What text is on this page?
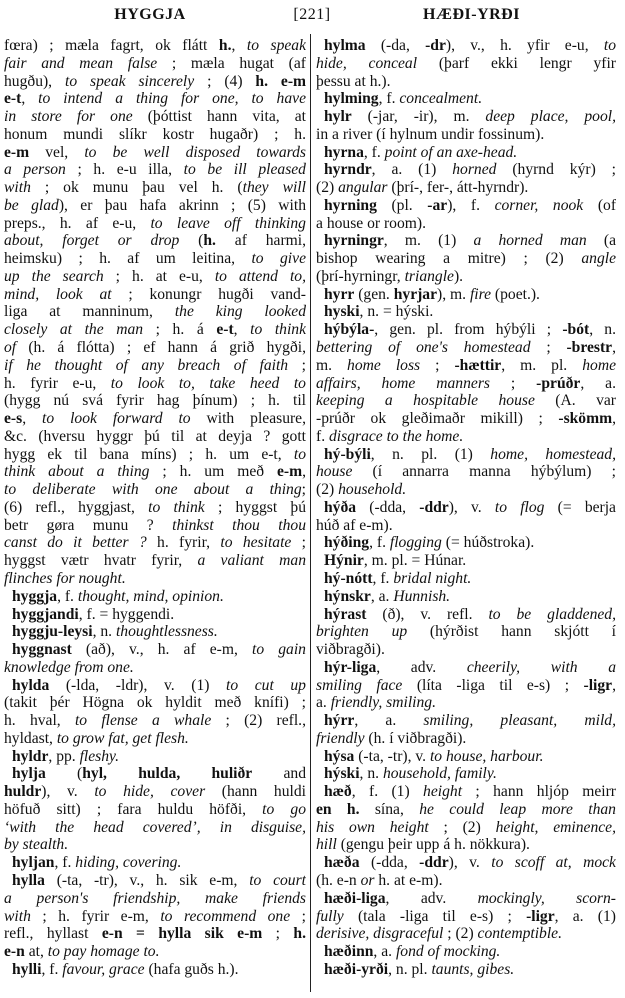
HYGGJA	[221]	HÆÐI-YRÐI
fœra) ; mæla fagrt, ok flátt h., to speak
fair and mean false ; mæla hugat (af
hugðu), to speak sincerely ; (4) h. e-m
e-t, to intend a thing for one, to have
in store for one (þóttist hann vita, at
honum mundi slíkr kostr hugaðr) ; h.
e-m vel, to be well disposed towards
a person ; h. e-u illa, to be ill pleased
with ; ok munu þau vel h. (they will
be glad), er þau hafa akrinn ; (5) with
preps., h. af e-u, to leave off thinking
about, forget or drop (h. af harmi,
heimsku) ; h. af um leitina, to give
up the search ; h. at e-u, to attend to,
mind, look at ; konungr hugði vand-
liga at manninum, the king looked
closely at the man ; h. á e-t, to think
of (h. á flótta) ; ef hann á grið hygði,
if he thought of any breach of faith ;
h. fyrir e-u, to look to, take heed to
(hygg nú svá fyrir hag þínum) ; h. til
e-s, to look forward to with pleasure,
&c. (hversu hyggr þú til at deyja ? gott
hygg ek til bana míns) ; h. um e-t, to
think about a thing ; h. um með e-m,
to deliberate with one about a thing;
(6) refl., hyggjast, to think ; hyggst þú
betr gøra munu ? thinkst thou thou
canst do it better ? h. fyrir, to hesitate ;
hyggst vætr hvatr fyrir, a valiant man
flinches for nought.
hyggja, f. thought, mind, opinion.
hyggjandi, f. = hyggendi.
hyggju-leysi, n. thoughtlessness.
hyggnast (að), v., h. af e-m, to gain
knowledge from one.
hylda (-lda, -ldr), v. (1) to cut up
(takit þér Högna ok hyldit með knífi) ;
h. hval, to flense a whale ; (2) refl.,
hyldast, to grow fat, get flesh.
hyldr, pp. fleshy.
hylja (hyl, hulda, huliðr and
huldr), v. to hide, cover (hann huldi
höfuð sitt) ; fara huldu höfði, to go
‘with the head covered’, in disguise,
by stealth.
hyljan, f. hiding, covering.
hylla (-ta, -tr), v., h. sik e-m, to court
a person's friendship, make friends
with ; h. fyrir e-m, to recommend one ;
refl., hyllast e-n = hylla sik e-m ; h.
e-n at, to pay homage to.
hylli, f. favour, grace (hafa guðs h.).
hylma (-da, -dr), v., h. yfir e-u, to
hide, conceal (þarf ekki lengr yfir
þessu at h.).
hylming, f. concealment.
hylr (-jar, -ir), m. deep place, pool,
in a river (í hylnum undir fossinum).
hyrna, f. point of an axe-head.
hyrndr, a. (1) horned (hyrnd kýr) ;
(2) angular (þrí-, fer-, átt-hyrndr).
hyrning (pl. -ar), f. corner, nook (of
a house or room).
hyrningr, m. (1) a horned man (a
bishop wearing a mitre) ; (2) angle
(þrí-hyrningr, triangle).
hyrr (gen. hyrjar), m. fire (poet.).
hyski, n. = hýski.
hýbýla-, gen. pl. from hýbýli ; -bót, n.
bettering of one's homestead ; -brestr,
m. home loss ; -hættir, m. pl. home
affairs, home manners ; -prúðr, a.
keeping a hospitable house (A. var
-prúðr ok gleðimaðr mikill) ; -skömm,
f. disgrace to the home.
hý-býli, n. pl. (1) home, homestead,
house (í annarra manna hýbýlum) ;
(2) household.
hýða (-dda, -ddr), v. to flog (= berja
húð af e-m).
hýðing, f. flogging (= húðstroka).
Hýnir, m. pl. = Húnar.
hý-nótt, f. bridal night.
hýnskr, a. Hunnish.
hýrast (ð), v. refl. to be gladdened,
brighten up (hýrðist hann skjótt í
viðbragði).
hýr-liga, adv. cheerily, with a
smiling face (líta -liga til e-s) ; -ligr,
a. friendly, smiling.
hýrr, a. smiling, pleasant, mild,
friendly (h. í viðbragði).
hýsa (-ta, -tr), v. to house, harbour.
hýski, n. household, family.
hæð, f. (1) height ; hann hljóp meirr
en h. sína, he could leap more than
his own height ; (2) height, eminence,
hill (gengu þeir upp á h. nökkura).
hæða (-dda, -ddr), v. to scoff at, mock
(h. e-n or h. at e-m).
hæði-liga, adv. mockingly, scorn-
fully (tala -liga til e-s) ; -ligr, a. (1)
derisive, disgraceful ; (2) contemptible.
hæðinn, a. fond of mocking.
hæði-yrði, n. pl. taunts, gibes.
